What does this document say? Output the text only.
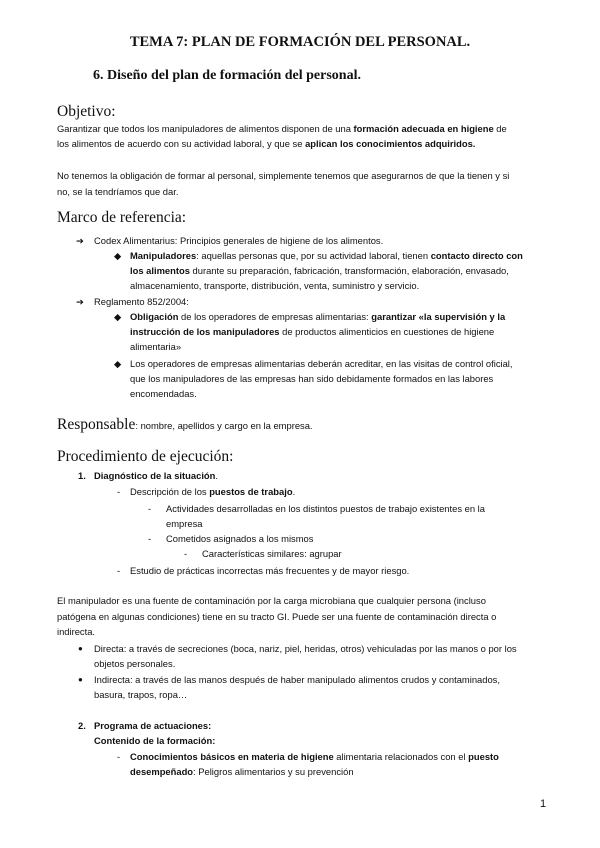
TEMA 7: PLAN DE FORMACIÓN DEL PERSONAL.
6. Diseño del plan de formación del personal.
Objetivo:
Garantizar que todos los manipuladores de alimentos disponen de una formación adecuada en higiene de
los alimentos de acuerdo con su actividad laboral, y que se aplican los conocimientos adquiridos.
No tenemos la obligación de formar al personal, simplemente tenemos que asegurarnos de que la tienen y si
no, se la tendríamos que dar.
Marco de referencia:
➔ Codex Alimentarius: Principios generales de higiene de los alimentos.
◆ Manipuladores: aquellas personas que, por su actividad laboral, tienen contacto directo con
los alimentos durante su preparación, fabricación, transformación, elaboración, envasado,
almacenamiento, transporte, distribución, venta, suministro y servicio.
➔ Reglamento 852/2004:
◆ Obligación de los operadores de empresas alimentarias: garantizar «la supervisión y la
instrucción de los manipuladores de productos alimenticios en cuestiones de higiene
alimentaria»
◆ Los operadores de empresas alimentarias deberán acreditar, en las visitas de control oficial,
que los manipuladores de las empresas han sido debidamente formados en las labores
encomendadas.
Responsable: nombre, apellidos y cargo en la empresa.
Procedimiento de ejecución:
1. Diagnóstico de la situación.
- Descripción de los puestos de trabajo.
- Actividades desarrolladas en los distintos puestos de trabajo existentes en la
empresa
- Cometidos asignados a los mismos
- Características similares: agrupar
- Estudio de prácticas incorrectas más frecuentes y de mayor riesgo.
El manipulador es una fuente de contaminación por la carga microbiana que cualquier persona (incluso
patógena en algunas condiciones) tiene en su tracto GI. Puede ser una fuente de contaminación directa o
indirecta.
● Directa: a través de secreciones (boca, nariz, piel, heridas, otros) vehiculadas por las manos o por los
objetos personales.
● Indirecta: a través de las manos después de haber manipulado alimentos crudos y contaminados,
basura, trapos, ropa…
2. Programa de actuaciones:
Contenido de la formación:
- Conocimientos básicos en materia de higiene alimentaria relacionados con el puesto
desempeñado: Peligros alimentarios y su prevención
1
